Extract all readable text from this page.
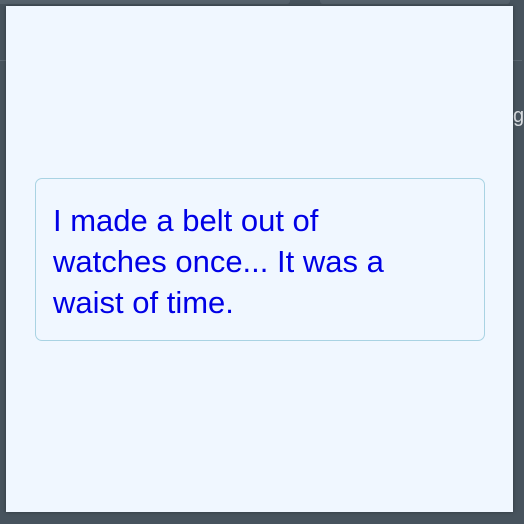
g

I made a belt out of watches once... It was a waist of time.
